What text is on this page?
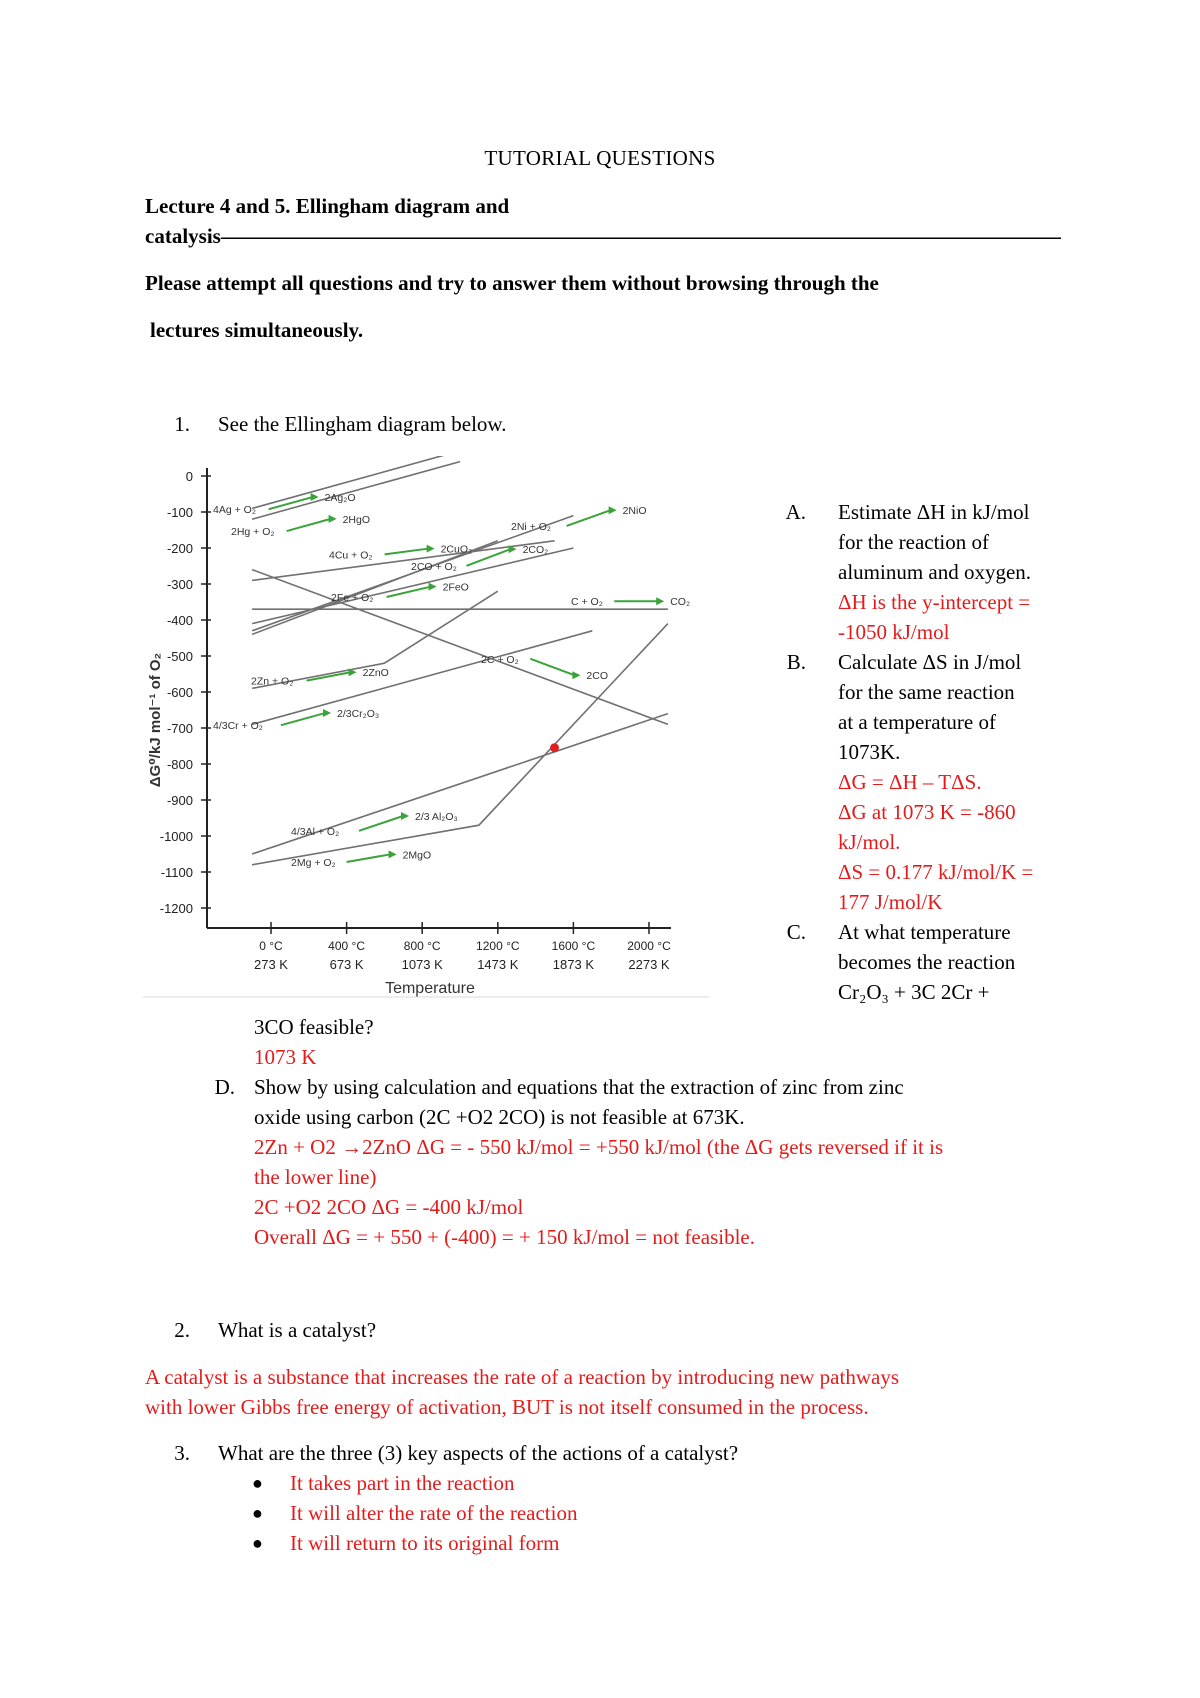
TUTORIAL QUESTIONS
Lecture 4 and 5. Ellingham diagram and
catalysis————————————————————————————————————————
Please attempt all questions and try to answer them without browsing through the
lectures simultaneously.
1. See the Ellingham diagram below.
4Ag + O₂
2Ag₂O
2Hg + O₂
2HgO
4Cu + O₂	2CuO₂
2Ni + O₂
2NiO
2Fe + O₂
2FeO
2CO + O₂
2CO₂
C + O₂	CO₂
2C + O₂
2CO
2Zn + O₂
2ZnO
4/3Cr + O₂
2/3Cr₂O₃
4/3Al + O₂
2/3 Al₂O₃
2Mg + O₂
2MgO
0
-100
-200
-300
-400
-500
-600
-700
-800
-900
-1000
-1100
-1200
0 °C
273 K
400 °C
673 K
800 °C
1073 K
1200 °C
1473 K
1600 °C
1873 K
2000 °C
2273 K
ΔG⁰/kJ mol⁻¹ of O₂
Temperature
A. Estimate ΔH in kJ/mol
for the reaction of
aluminum and oxygen.
ΔH is the y-intercept =
-1050 kJ/mol
B. Calculate ΔS in J/mol
for the same reaction
at a temperature of
1073K.
ΔG = ΔH – TΔS.
ΔG at 1073 K = -860
kJ/mol.
ΔS = 0.177 kJ/mol/K =
177 J/mol/K
C. At what temperature
becomes the reaction
Cr₂O₃ + 3C 2Cr +
3CO feasible?
1073 K
D. Show by using calculation and equations that the extraction of zinc from zinc
oxide using carbon (2C +O2 2CO) is not feasible at 673K.
2Zn + O2 →2ZnO ΔG = - 550 kJ/mol = +550 kJ/mol (the ΔG gets reversed if it is
the lower line)
2C +O2 2CO ΔG = -400 kJ/mol
Overall ΔG = + 550 + (-400) = + 150 kJ/mol = not feasible.
2. What is a catalyst?
A catalyst is a substance that increases the rate of a reaction by introducing new pathways
with lower Gibbs free energy of activation, BUT is not itself consumed in the process.
3. What are the three (3) key aspects of the actions of a catalyst?
● It takes part in the reaction
● It will alter the rate of the reaction
● It will return to its original form
